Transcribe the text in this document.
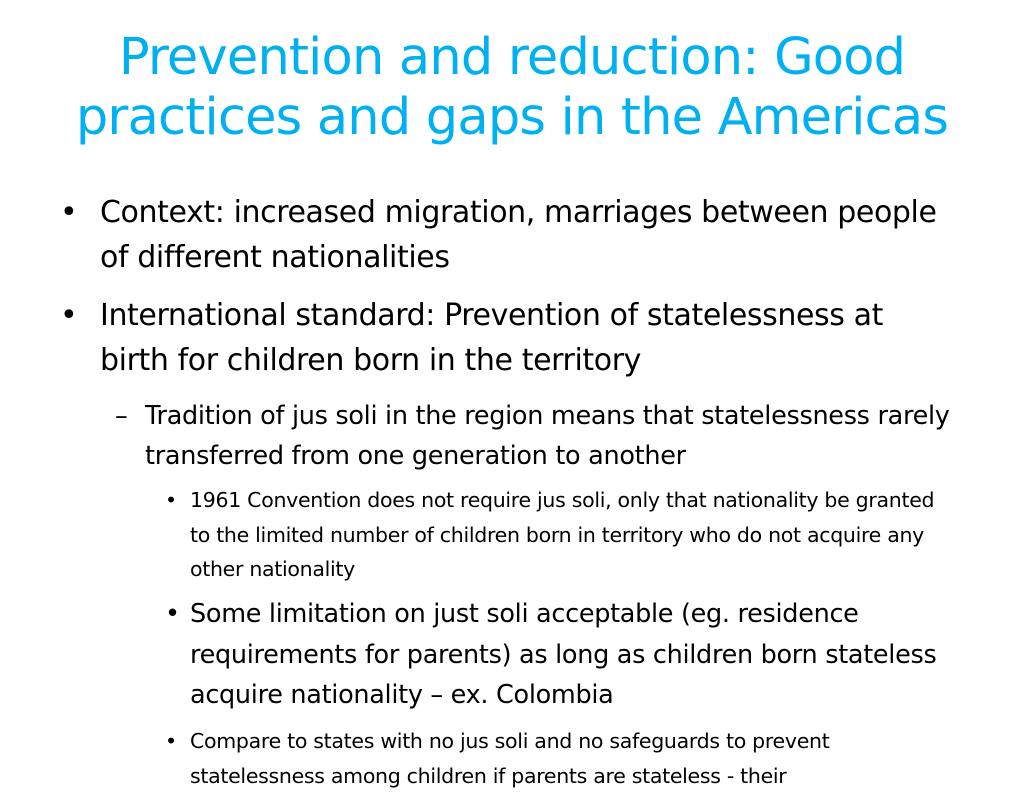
Prevention and reduction: Good practices and gaps in the Americas
• Context: increased migration, marriages between people of different nationalities
• International standard: Prevention of statelessness at birth for children born in the territory
– Tradition of jus soli in the region means that statelessness rarely transferred from one generation to another
• 1961 Convention does not require jus soli, only that nationality be granted to the limited number of children born in territory who do not acquire any other nationality
• Some limitation on just soli acceptable (eg. residence requirements for parents) as long as children born stateless acquire nationality – ex. Colombia
• Compare to states with no jus soli and no safeguards to prevent statelessness among children if parents are stateless - their
